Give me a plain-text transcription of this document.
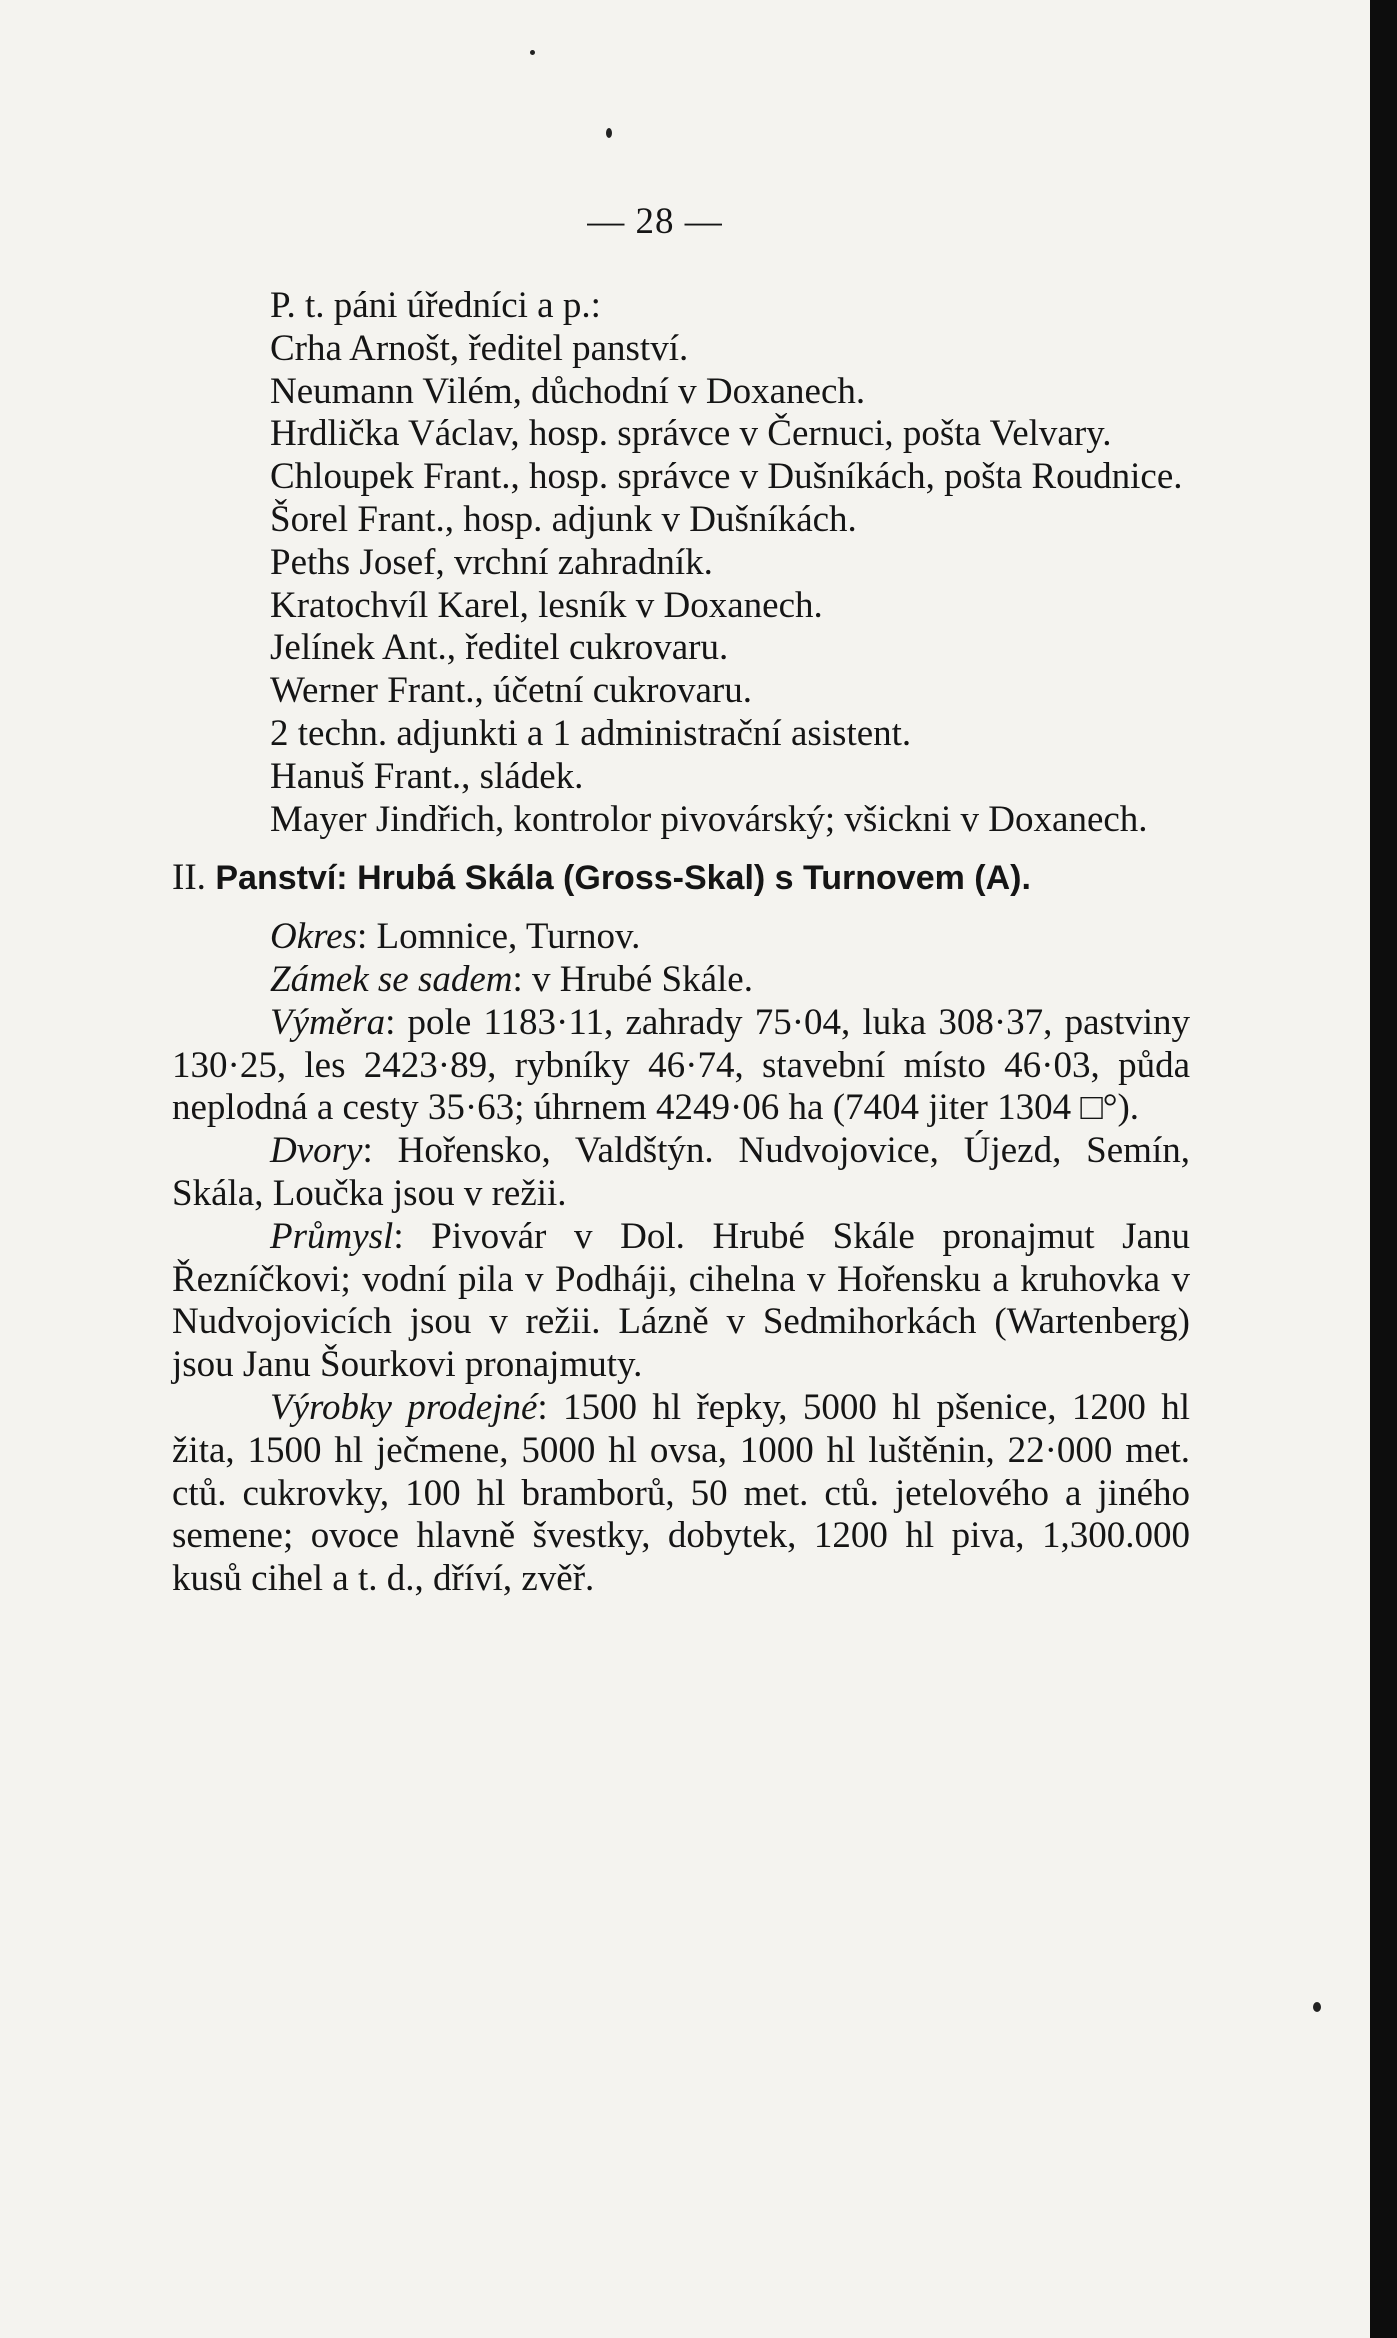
— 28 —

P. t. páni úředníci a p.:

Crha Arnošt, ředitel panství.

Neumann Vilém, důchodní v Doxanech.

Hrdlička Václav, hosp. správce v Černuci, pošta Velvary.

Chloupek Frant., hosp. správce v Dušníkách, pošta Roudnice.

Šorel Frant., hosp. adjunk v Dušníkách.

Peths Josef, vrchní zahradník.

Kratochvíl Karel, lesník v Doxanech.

Jelínek Ant., ředitel cukrovaru.

Werner Frant., účetní cukrovaru.

2 techn. adjunkti a 1 administrační asistent.

Hanuš Frant., sládek.

Mayer Jindřich, kontrolor pivovárský; všickni v Doxanech.

II. Panství: Hrubá Skála (Gross-Skal) s Turnovem (A).

Okres: Lomnice, Turnov.

Zámek se sadem: v Hrubé Skále.

Výměra: pole 1183·11, zahrady 75·04, luka 308·37, pastviny 130·25, les 2423·89, rybníky 46·74, stavební místo 46·03, půda neplodná a cesty 35·63; úhrnem 4249·06 ha (7404 jiter 1304 □°).

Dvory: Hořensko, Valdštýn. Nudvojovice, Újezd, Semín, Skála, Loučka jsou v režii.

Průmysl: Pivovár v Dol. Hrubé Skále pronajmut Janu Řezníčkovi; vodní pila v Podháji, cihelna v Hořensku a kruhovka v Nudvojovicích jsou v režii. Lázně v Sedmihorkách (Wartenberg) jsou Janu Šourkovi pronajmuty.

Výrobky prodejné: 1500 hl řepky, 5000 hl pšenice, 1200 hl žita, 1500 hl ječmene, 5000 hl ovsa, 1000 hl luštěnin, 22·000 met. ctů. cukrovky, 100 hl bramborů, 50 met. ctů. jetelového a jiného semene; ovoce hlavně švestky, dobytek, 1200 hl piva, 1,300.000 kusů cihel a t. d., dříví, zvěř.
